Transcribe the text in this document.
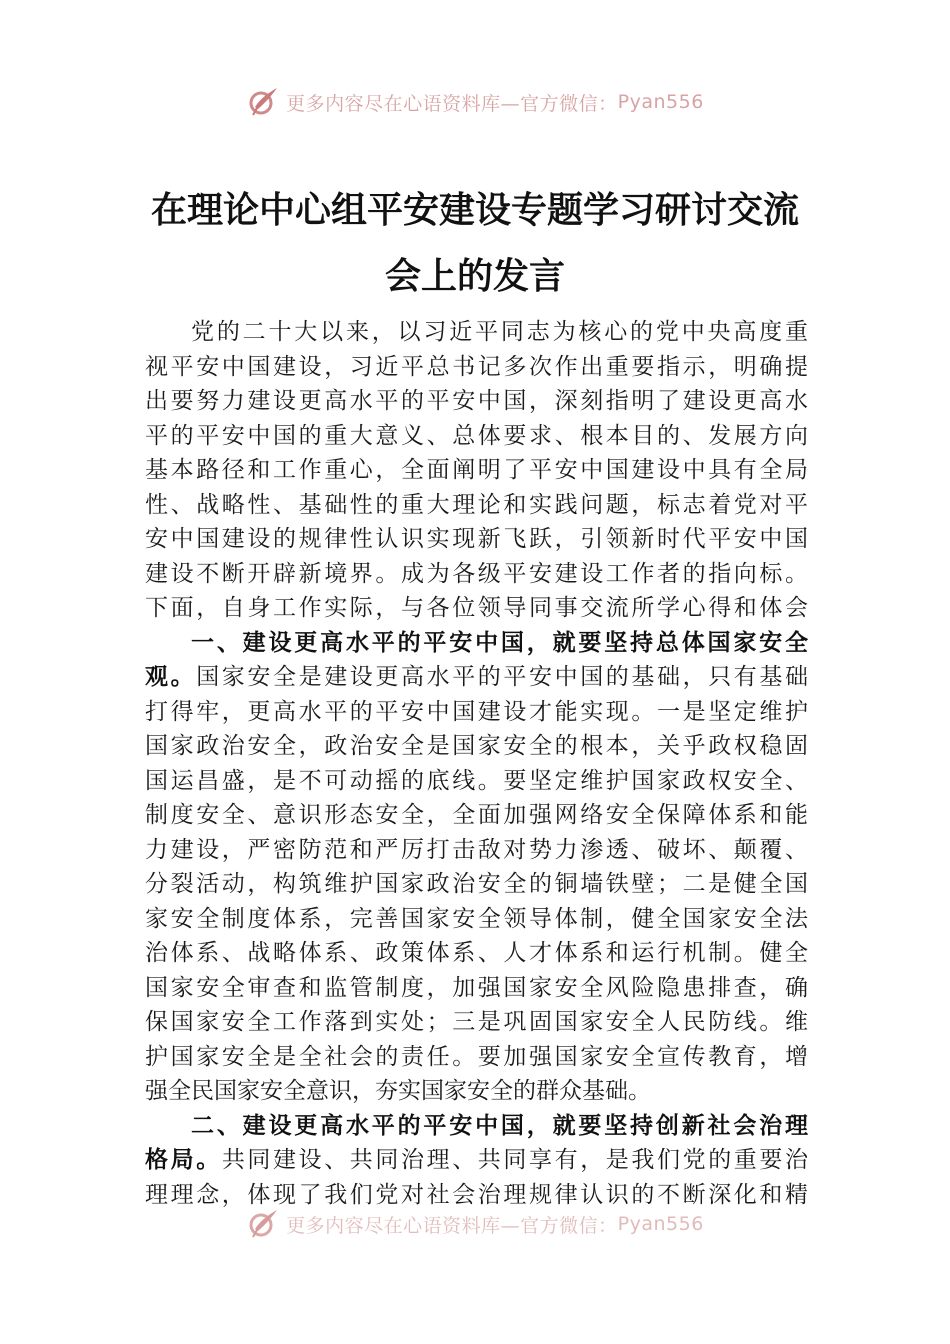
更多内容尽在心语资料库—官方微信： Pyan556
在理论中心组平安建设专题学习研讨交流
会上的发言
党的二十大以来，以习近平同志为核心的党中央高度重
视平安中国建设，习近平总书记多次作出重要指示，明确提
出要努力建设更高水平的平安中国，深刻指明了建设更高水
平的平安中国的重大意义、总体要求、根本目的、发展方向
基本路径和工作重心，全面阐明了平安中国建设中具有全局
性、战略性、基础性的重大理论和实践问题，标志着党对平
安中国建设的规律性认识实现新飞跃，引领新时代平安中国
建设不断开辟新境界。成为各级平安建设工作者的指向标。
下面，自身工作实际，与各位领导同事交流所学心得和体会
一、建设更高水平的平安中国，就要坚持总体国家安全
观。国家安全是建设更高水平的平安中国的基础，只有基础
打得牢，更高水平的平安中国建设才能实现。一是坚定维护
国家政治安全，政治安全是国家安全的根本，关乎政权稳固
国运昌盛，是不可动摇的底线。要坚定维护国家政权安全、
制度安全、意识形态安全，全面加强网络安全保障体系和能
力建设，严密防范和严厉打击敌对势力渗透、破坏、颠覆、
分裂活动，构筑维护国家政治安全的铜墙铁壁；二是健全国
家安全制度体系，完善国家安全领导体制，健全国家安全法
治体系、战略体系、政策体系、人才体系和运行机制。健全
国家安全审查和监管制度，加强国家安全风险隐患排查，确
保国家安全工作落到实处；三是巩固国家安全人民防线。维
护国家安全是全社会的责任。要加强国家安全宣传教育，增
强全民国家安全意识，夯实国家安全的群众基础。
二、建设更高水平的平安中国，就要坚持创新社会治理
格局。共同建设、共同治理、共同享有，是我们党的重要治
理理念，体现了我们党对社会治理规律认识的不断深化和精
更多内容尽在心语资料库—官方微信： Pyan556
